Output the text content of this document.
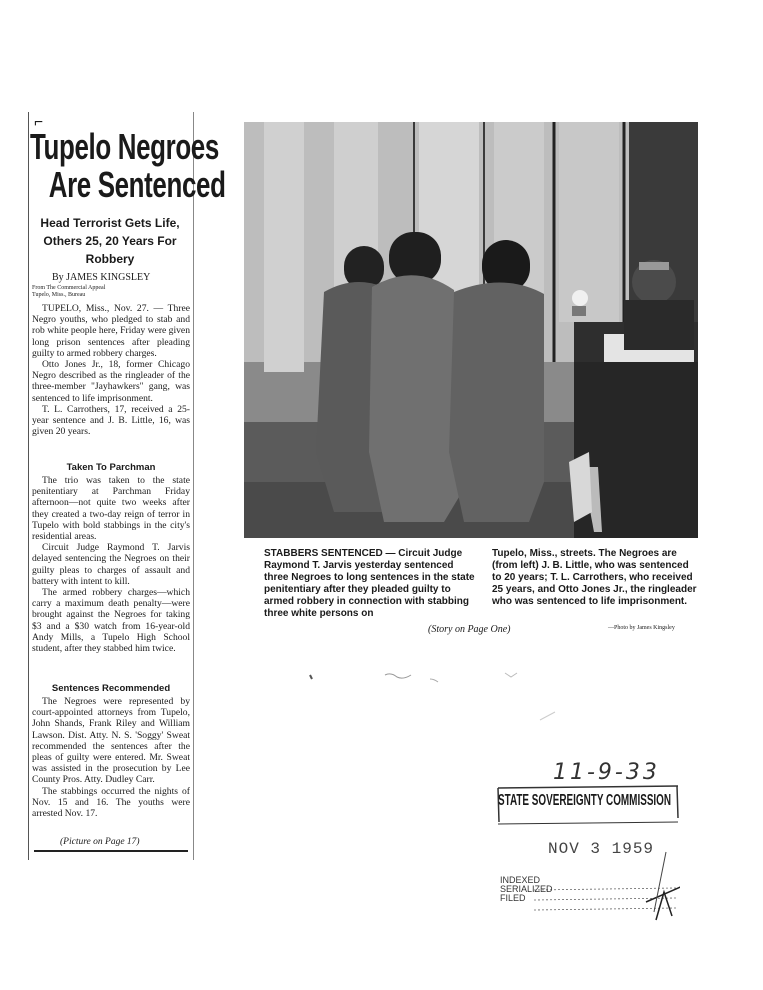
⌐
Tupelo Negroes
Are Sentenced
Head Terrorist Gets Life, Others 25, 20 Years For Robbery
By JAMES KINGSLEY
From The Commercial Appeal
Tupelo, Miss., Bureau

TUPELO, Miss., Nov. 27. — Three Negro youths, who pledged to stab and rob white people here, Friday were given long prison sentences after pleading guilty to armed robbery charges.

Otto Jones Jr., 18, former Chicago Negro described as the ringleader of the three-member "Jayhawkers" gang, was sentenced to life imprisonment.

T. L. Carrothers, 17, received a 25-year sentence and J. B. Little, 16, was given 20 years.

Taken To Parchman

The trio was taken to the state penitentiary at Parchman Friday afternoon—not quite two weeks after they created a two-day reign of terror in Tupelo with bold stabbings in the city's residential areas.

Circuit Judge Raymond T. Jarvis delayed sentencing the Negroes on their guilty pleas to charges of assault and battery with intent to kill.

The armed robbery charges—which carry a maximum death penalty—were brought against the Negroes for taking $3 and a $30 watch from 16-year-old Andy Mills, a Tupelo High School student, after they stabbed him twice.

Sentences Recommended

The Negroes were represented by court-appointed attorneys from Tupelo, John Shands, Frank Riley and William Lawson. Dist. Atty. N. S. 'Soggy' Sweat recommended the sentences after the pleas of guilty were entered. Mr. Sweat was assisted in the prosecution by Lee County Pros. Atty. Dudley Carr.

The stabbings occurred the nights of Nov. 15 and 16. The youths were arrested Nov. 17.

(Picture on Page 17)
STABBERS SENTENCED — Circuit Judge Raymond T. Jarvis yesterday sentenced three Negroes to long sentences in the state penitentiary after they pleaded guilty to armed robbery in connection with stabbing three white persons on
Tupelo, Miss., streets. The Negroes are (from left) J. B. Little, who was sentenced to 20 years; T. L. Carrothers, who received 25 years, and Otto Jones Jr., the ringleader who was sentenced to life imprisonment.
(Story on Page One)	—Photo by James Kingsley
11-9-33
STATE SOVEREIGNTY COMMISSION
NOV 3 1959
INDEXED
SERIALIZED
FILED
